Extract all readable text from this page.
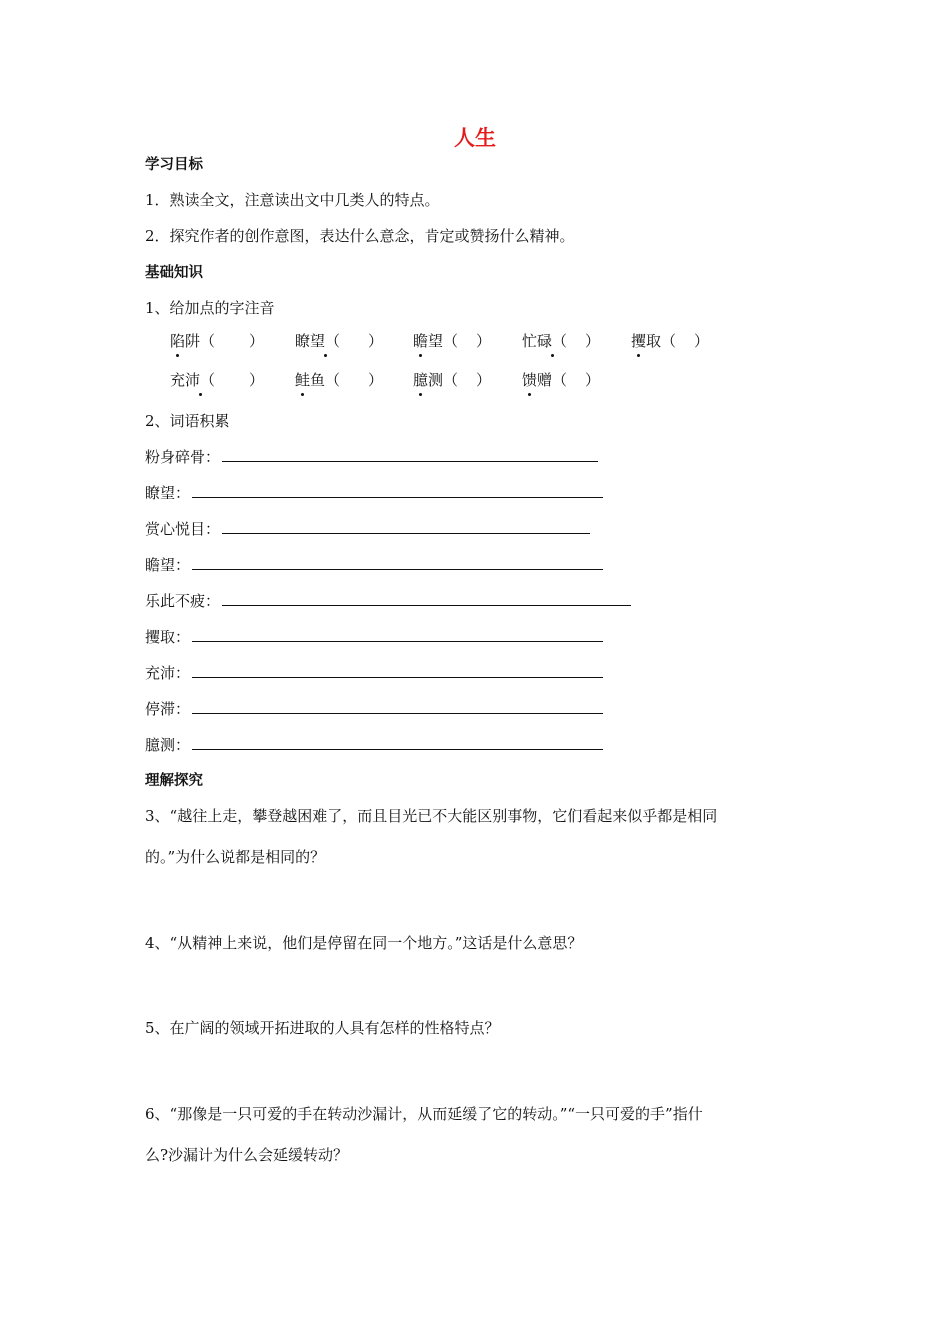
人生
学习目标
1．熟读全文，注意读出文中几类人的特点。
2．探究作者的创作意图，表达什么意念，肯定或赞扬什么精神。
基础知识
1、给加点的字注音
陷阱（ ） 瞭望（ ） 瞻望（ ） 忙碌（ ） 攫取（ ）
充沛（ ） 鲑鱼（ ） 臆测（ ） 馈赠（ ）
2、词语积累
粉身碎骨：
瞭望：
赏心悦目：
瞻望：
乐此不疲：
攫取：
充沛：
停滞：
臆测：
理解探究
3、“越往上走，攀登越困难了，而且目光已不大能区别事物，它们看起来似乎都是相同
的。”为什么说都是相同的？
4、“从精神上来说，他们是停留在同一个地方。”这话是什么意思？
5、在广阔的领域开拓进取的人具有怎样的性格特点？
6、“那像是一只可爱的手在转动沙漏计，从而延缓了它的转动。”“一只可爱的手”指什
么?沙漏计为什么会延缓转动？
